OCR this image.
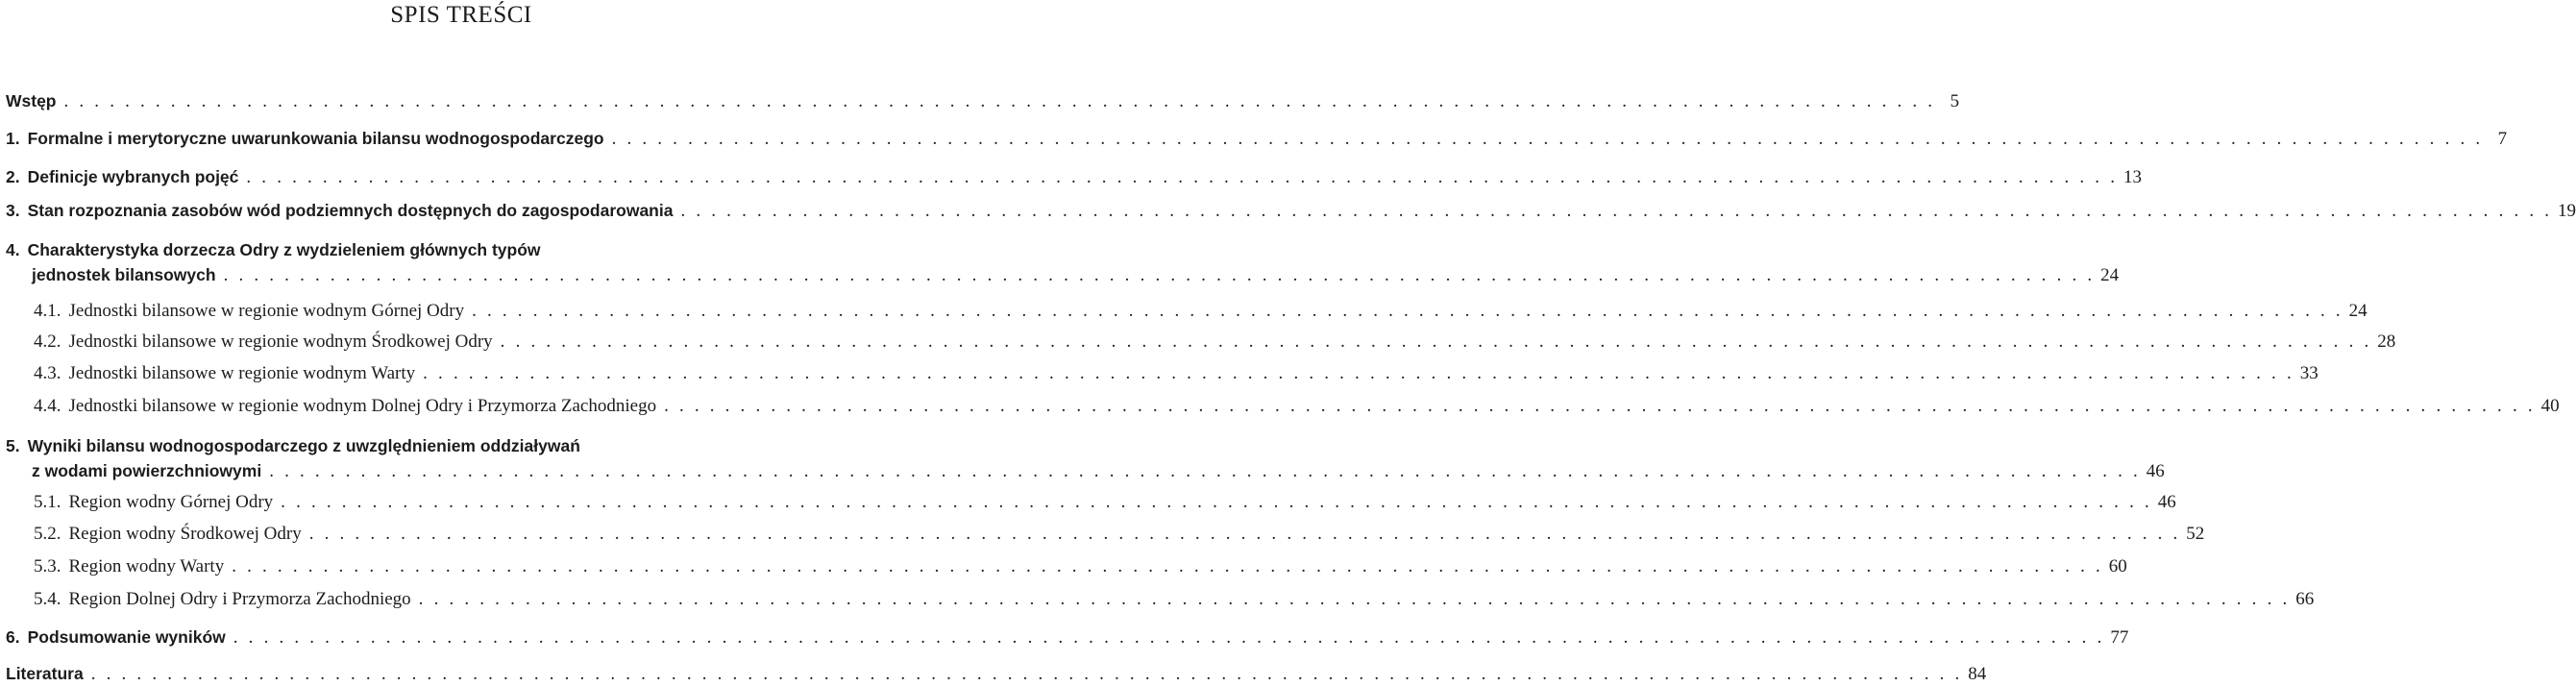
SPIS TREŚCI
Wstęp . . .	5
1. Formalne i merytoryczne uwarunkowania bilansu wodnogospodarczego . . .	7
2. Definicje wybranych pojęć . . .	13
3. Stan rozpoznania zasobów wód podziemnych dostępnych do zagospodarowania . . .	19
4. Charakterystyka dorzecza Odry z wydzieleniem głównych typów
jednostek bilansowych . . .	24
4.1. Jednostki bilansowe w regionie wodnym Górnej Odry . . .	24
4.2. Jednostki bilansowe w regionie wodnym Środkowej Odry . . .	28
4.3. Jednostki bilansowe w regionie wodnym Warty . . .	33
4.4. Jednostki bilansowe w regionie wodnym Dolnej Odry i Przymorza Zachodniego . . .	40
5. Wyniki bilansu wodnogospodarczego z uwzględnieniem oddziaływań
z wodami powierzchniowymi . . .	46
5.1. Region wodny Górnej Odry . . .	46
5.2. Region wodny Środkowej Odry . . .	52
5.3. Region wodny Warty . . .	60
5.4. Region Dolnej Odry i Przymorza Zachodniego . . .	66
6. Podsumowanie wyników . . .	77
Literatura . . .	84
